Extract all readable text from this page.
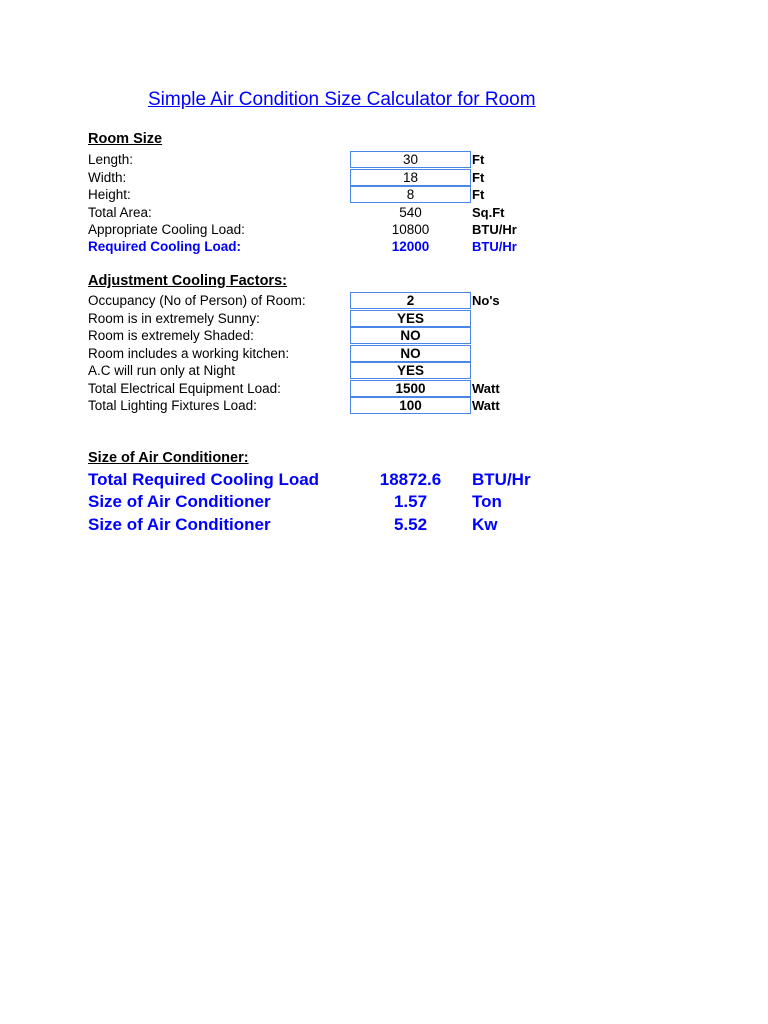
Simple Air Condition Size Calculator for Room
Room Size
Length:	30	Ft
Width:	18	Ft
Height:	8	Ft
Total Area:	540	Sq.Ft
Appropriate Cooling Load:	10800	BTU/Hr
Required Cooling Load:	12000	BTU/Hr
Adjustment Cooling Factors:
Occupancy (No of Person) of Room:	2	No's
Room is in extremely Sunny:	YES
Room is extremely Shaded:	NO
Room includes a working kitchen:	NO
A.C will run only at Night	YES
Total Electrical Equipment Load:	1500	Watt
Total Lighting Fixtures Load:	100	Watt
Size of Air Conditioner:
Total Required Cooling Load	18872.6	BTU/Hr
Size of Air Conditioner	1.57	Ton
Size of Air Conditioner	5.52	Kw
